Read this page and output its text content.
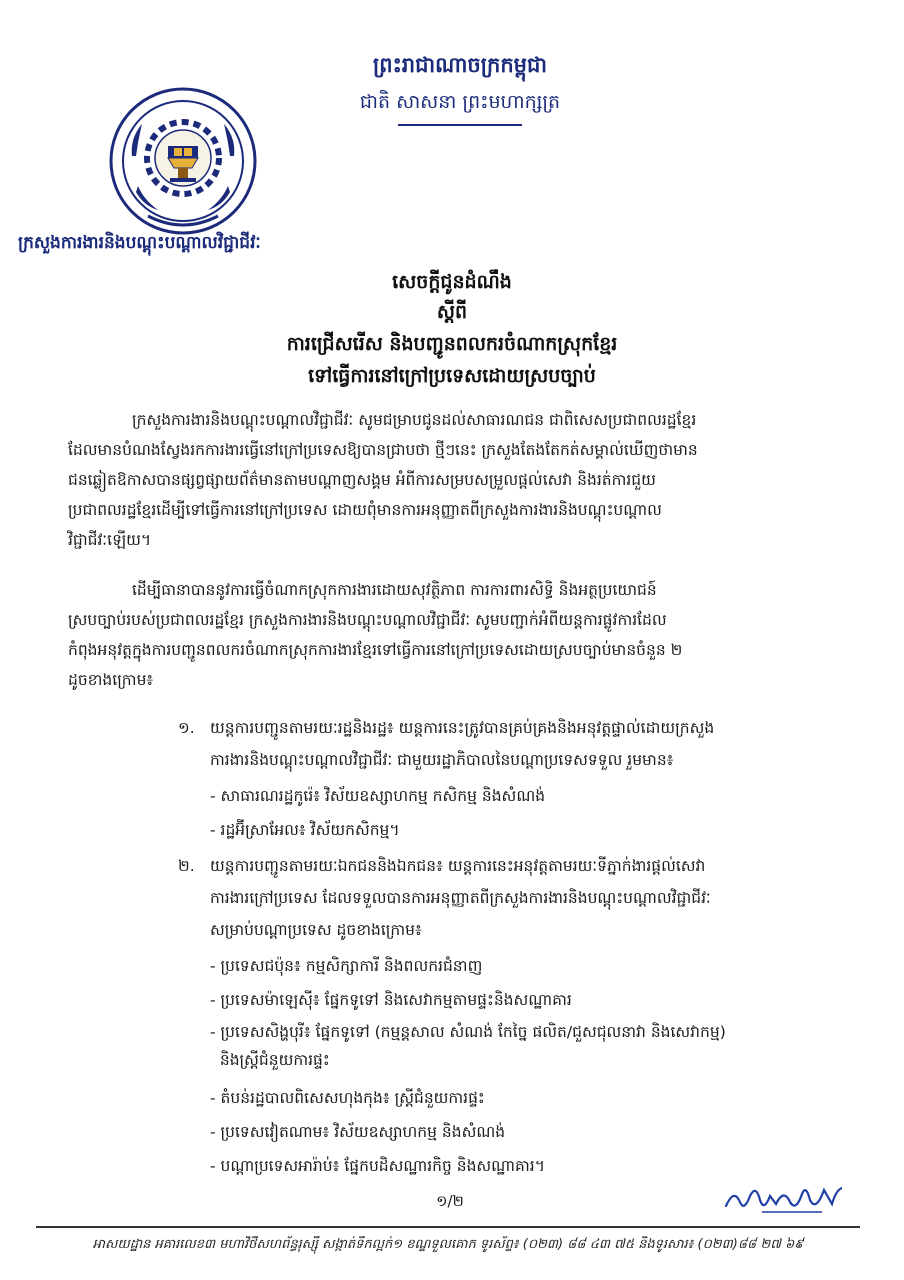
ព្រះរាជាណាចក្រកម្ពុជា
ជាតិ សាសនា ព្រះមហាក្សត្រ
ក្រសួងការងារនិងបណ្តុះបណ្តាលវិជ្ជាជីវៈ
សេចក្តីជូនដំណឹង
ស្តីពី
ការជ្រើសរើស និងបញ្ជូនពលករចំណាកស្រុកខ្មែរ
ទៅធ្វើការនៅក្រៅប្រទេសដោយស្របច្បាប់
ក្រសួងការងារនិងបណ្តុះបណ្តាលវិជ្ជាជីវៈ សូមជម្រាបជូនដល់សាធារណជន ជាពិសេសប្រជាពលរដ្ឋខ្មែរ
ដែលមានបំណងស្វែងរកការងារធ្វើនៅក្រៅប្រទេសឱ្យបានជ្រាបថា ថ្មីៗនេះ ក្រសួងតែងតែកត់សម្គាល់ឃើញថាមាន
ជនឆ្លៀតឱកាសបានផ្សព្វផ្សាយព័ត៌មានតាមបណ្តាញសង្គម អំពីការសម្របសម្រួលផ្តល់សេវា និងរត់ការជួយ
ប្រជាពលរដ្ឋខ្មែរដើម្បីទៅធ្វើការនៅក្រៅប្រទេស ដោយពុំមានការអនុញ្ញាតពីក្រសួងការងារនិងបណ្តុះបណ្តាល
វិជ្ជាជីវៈឡើយ។
ដើម្បីធានាបាននូវការធ្វើចំណាកស្រុកការងារដោយសុវត្ថិភាព ការការពារសិទ្ធិ និងអត្ថប្រយោជន៍
ស្របច្បាប់របស់ប្រជាពលរដ្ឋខ្មែរ ក្រសួងការងារនិងបណ្តុះបណ្តាលវិជ្ជាជីវៈ សូមបញ្ជាក់អំពីយន្តការផ្លូវការដែល
កំពុងអនុវត្តក្នុងការបញ្ជូនពលករចំណាកស្រុកការងារខ្មែរទៅធ្វើការនៅក្រៅប្រទេសដោយស្របច្បាប់មានចំនួន ២
ដូចខាងក្រោម៖
១. យន្តការបញ្ជូនតាមរយៈរដ្ឋនិងរដ្ឋ៖ យន្តការនេះត្រូវបានគ្រប់គ្រងនិងអនុវត្តផ្ទាល់ដោយក្រសួង
ការងារនិងបណ្តុះបណ្តាលវិជ្ជាជីវៈ ជាមួយរដ្ឋាភិបាលនៃបណ្តាប្រទេសទទួល រួមមាន៖
- សាធារណរដ្ឋកូរ៉េ៖ វិស័យឧស្សាហកម្ម កសិកម្ម និងសំណង់
- រដ្ឋអ៊ីស្រាអែល៖ វិស័យកសិកម្ម។
២. យន្តការបញ្ជូនតាមរយៈឯកជននិងឯកជន៖ យន្តការនេះអនុវត្តតាមរយៈទីភ្នាក់ងារផ្តល់សេវា
ការងារក្រៅប្រទេស ដែលទទួលបានការអនុញ្ញាតពីក្រសួងការងារនិងបណ្តុះបណ្តាលវិជ្ជាជីវៈ
សម្រាប់បណ្តាប្រទេស ដូចខាងក្រោម៖
- ប្រទេសជប៉ុន៖ កម្មសិក្សាការី និងពលករជំនាញ
- ប្រទេសម៉ាឡេស៊ី៖ ផ្នែកទូទៅ និងសេវាកម្មតាមផ្ទះនិងសណ្ឋាគារ
- ប្រទេសសិង្ហបុរី៖ ផ្នែកទូទៅ (កម្មន្តសាល សំណង់ កែច្នៃ ផលិត/ជួសជុលនាវា និងសេវាកម្ម)
និងស្ត្រីជំនួយការផ្ទះ
- តំបន់រដ្ឋបាលពិសេសហុងកុង៖ ស្ត្រីជំនួយការផ្ទះ
- ប្រទេសវៀតណាម៖ វិស័យឧស្សាហកម្ម និងសំណង់
- បណ្តាប្រទេសអារ៉ាប់៖ ផ្នែកបដិសណ្ឋារកិច្ច និងសណ្ឋាគារ។
១/២
អាសយដ្ឋាន អគារលេខ៣ មហាវិថីសហព័ន្ធរុស្ស៊ី សង្កាត់ទឹកល្អក់១ ខណ្ឌទួលគោក ទូរស័ព្ទ៖ (០២៣) ៨៨ ៤៣ ៧៥ និងទូរសារ៖ (០២៣)៨៨ ២៧ ៦៩
